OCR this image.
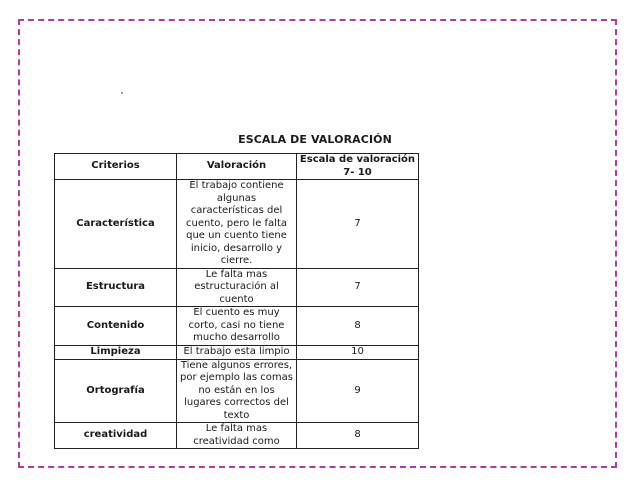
ESCALA DE VALORACIÓN
Criterios	Valoración	Escala de valoración 7- 10
Característica	El trabajo contiene algunas características del cuento, pero le falta que un cuento tiene inicio, desarrollo y cierre.	7
Estructura	Le falta mas estructuración al cuento	7
Contenido	El cuento es muy corto, casi no tiene mucho desarrollo	8
Limpieza	El trabajo esta limpio	10
Ortografía	Tiene algunos errores, por ejemplo las comas no están en los lugares correctos del texto	9
creatividad	Le falta mas creatividad como	8
